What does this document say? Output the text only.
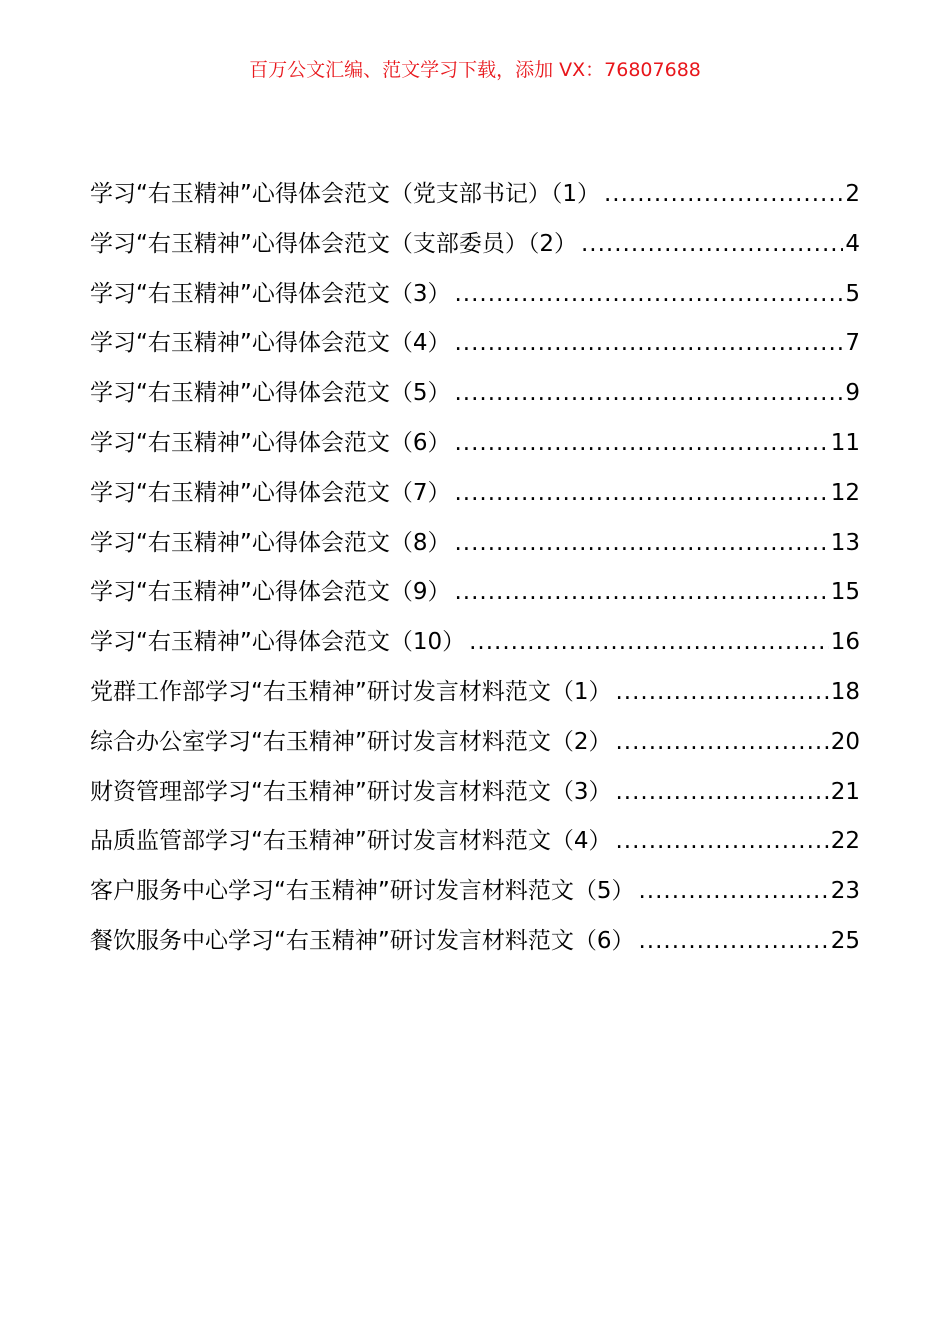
百万公文汇编、范文学习下载，添加 VX：76807688
学习“右玉精神”心得体会范文（党支部书记）（1） .....	2
学习“右玉精神”心得体会范文（支部委员）（2） .....	4
学习“右玉精神”心得体会范文（3） .....	5
学习“右玉精神”心得体会范文（4） .....	7
学习“右玉精神”心得体会范文（5） .....	9
学习“右玉精神”心得体会范文（6） .....	11
学习“右玉精神”心得体会范文（7） .....	12
学习“右玉精神”心得体会范文（8） .....	13
学习“右玉精神”心得体会范文（9） .....	15
学习“右玉精神”心得体会范文（10） .....	16
党群工作部学习“右玉精神”研讨发言材料范文（1） .....	18
综合办公室学习“右玉精神”研讨发言材料范文（2） .....	20
财资管理部学习“右玉精神”研讨发言材料范文（3） .....	21
品质监管部学习“右玉精神”研讨发言材料范文（4） .....	22
客户服务中心学习“右玉精神”研讨发言材料范文（5） .....	23
餐饮服务中心学习“右玉精神”研讨发言材料范文（6） .....	25
